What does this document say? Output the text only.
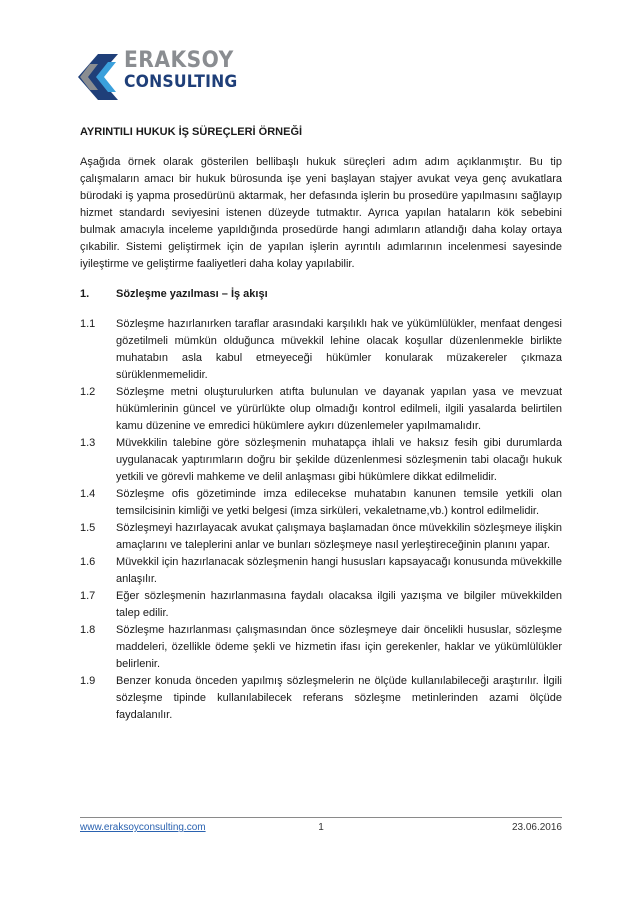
ERAKSOY
CONSULTING

AYRINTILI HUKUK İŞ SÜREÇLERİ ÖRNEĞİ

Aşağıda örnek olarak gösterilen bellibaşlı hukuk süreçleri adım adım açıklanmıştır. Bu tip çalışmaların amacı bir hukuk bürosunda işe yeni başlayan stajyer avukat veya genç avukatlara bürodaki iş yapma prosedürünü aktarmak, her defasında işlerin bu prosedüre yapılmasını sağlayıp hizmet standardı seviyesini istenen düzeyde tutmaktır. Ayrıca yapılan hataların kök sebebini bulmak amacıyla inceleme yapıldığında prosedürde hangi adımların atlandığı daha kolay ortaya çıkabilir. Sistemi geliştirmek için de yapılan işlerin ayrıntılı adımlarının incelenmesi sayesinde iyileştirme ve geliştirme faaliyetleri daha kolay yapılabilir.

1.	Sözleşme yazılması – İş akışı
1.1	Sözleşme hazırlanırken taraflar arasındaki karşılıklı hak ve yükümlülükler, menfaat dengesi gözetilmeli mümkün olduğunca müvekkil lehine olacak koşullar düzenlenmekle birlikte muhatabın asla kabul etmeyeceği hükümler konularak müzakereler çıkmaza sürüklenmemelidir.
1.2	Sözleşme metni oluşturulurken atıfta bulunulan ve dayanak yapılan yasa ve mevzuat hükümlerinin güncel ve yürürlükte olup olmadığı kontrol edilmeli, ilgili yasalarda belirtilen kamu düzenine ve emredici hükümlere aykırı düzenlemeler yapılmamalıdır.
1.3	Müvekkilin talebine göre sözleşmenin muhatapça ihlali ve haksız fesih gibi durumlarda uygulanacak yaptırımların doğru bir şekilde düzenlenmesi sözleşmenin tabi olacağı hukuk yetkili ve görevli mahkeme ve delil anlaşması gibi hükümlere dikkat edilmelidir.
1.4	Sözleşme ofis gözetiminde imza edilecekse muhatabın kanunen temsile yetkili olan temsilcisinin kimliği ve yetki belgesi (imza sirküleri, vekaletname,vb.) kontrol edilmelidir.
1.5	Sözleşmeyi hazırlayacak avukat çalışmaya başlamadan önce müvekkilin sözleşmeye ilişkin amaçlarını ve taleplerini anlar ve bunları sözleşmeye nasıl yerleştireceğinin planını yapar.
1.6	Müvekkil için hazırlanacak sözleşmenin hangi hususları kapsayacağı konusunda müvekkille anlaşılır.
1.7	Eğer sözleşmenin hazırlanmasına faydalı olacaksa ilgili yazışma ve bilgiler müvekkilden talep edilir.
1.8	Sözleşme hazırlanması çalışmasından önce sözleşmeye dair öncelikli hususlar, sözleşme maddeleri, özellikle ödeme şekli ve hizmetin ifası için gerekenler, haklar ve yükümlülükler belirlenir.
1.9	Benzer konuda önceden yapılmış sözleşmelerin ne ölçüde kullanılabileceği araştırılır. İlgili sözleşme tipinde kullanılabilecek referans sözleşme metinlerinden azami ölçüde faydalanılır.
www.eraksoyconsulting.com	1	23.06.2016
